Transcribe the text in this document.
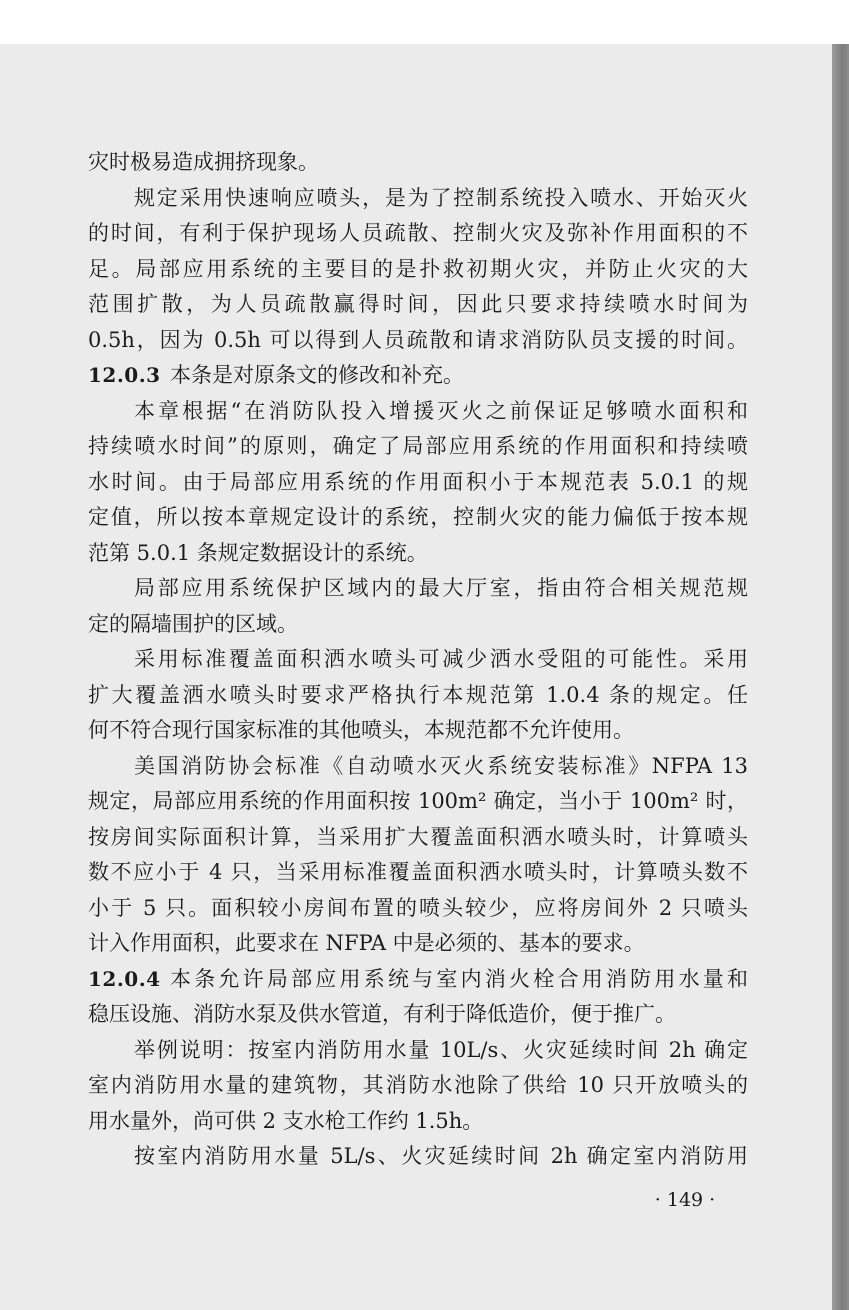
灾时极易造成拥挤现象。
规定采用快速响应喷头，是为了控制系统投入喷水、开始灭火
的时间，有利于保护现场人员疏散、控制火灾及弥补作用面积的不
足。局部应用系统的主要目的是扑救初期火灾，并防止火灾的大
范围扩散，为人员疏散赢得时间，因此只要求持续喷水时间为
0.5h，因为 0.5h 可以得到人员疏散和请求消防队员支援的时间。
12.0.3 本条是对原条文的修改和补充。
本章根据“在消防队投入增援灭火之前保证足够喷水面积和
持续喷水时间”的原则，确定了局部应用系统的作用面积和持续喷
水时间。由于局部应用系统的作用面积小于本规范表 5.0.1 的规
定值，所以按本章规定设计的系统，控制火灾的能力偏低于按本规
范第 5.0.1 条规定数据设计的系统。
局部应用系统保护区域内的最大厅室，指由符合相关规范规
定的隔墙围护的区域。
采用标准覆盖面积洒水喷头可减少洒水受阻的可能性。采用
扩大覆盖洒水喷头时要求严格执行本规范第 1.0.4 条的规定。任
何不符合现行国家标准的其他喷头，本规范都不允许使用。
美国消防协会标准《自动喷水灭火系统安装标准》NFPA 13
规定，局部应用系统的作用面积按 100m² 确定，当小于 100m² 时，
按房间实际面积计算，当采用扩大覆盖面积洒水喷头时，计算喷头
数不应小于 4 只，当采用标准覆盖面积洒水喷头时，计算喷头数不
小于 5 只。面积较小房间布置的喷头较少，应将房间外 2 只喷头
计入作用面积，此要求在 NFPA 中是必须的、基本的要求。
12.0.4 本条允许局部应用系统与室内消火栓合用消防用水量和
稳压设施、消防水泵及供水管道，有利于降低造价，便于推广。
举例说明：按室内消防用水量 10L/s、火灾延续时间 2h 确定
室内消防用水量的建筑物，其消防水池除了供给 10 只开放喷头的
用水量外，尚可供 2 支水枪工作约 1.5h。
按室内消防用水量 5L/s、火灾延续时间 2h 确定室内消防用
· 149 ·
